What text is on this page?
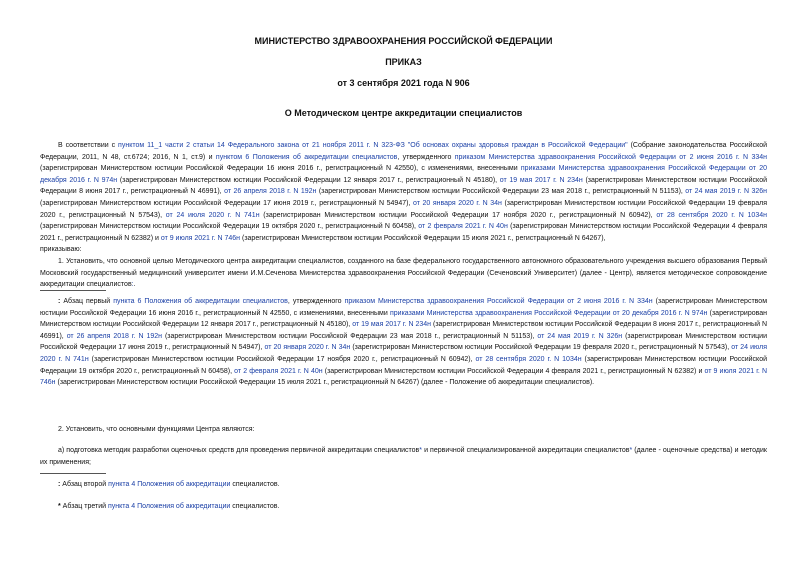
МИНИСТЕРСТВО ЗДРАВООХРАНЕНИЯ РОССИЙСКОЙ ФЕДЕРАЦИИ
ПРИКАЗ
от 3 сентября 2021 года N 906
О Методическом центре аккредитации специалистов
В соответствии с пунктом 11_1 части 2 статьи 14 Федерального закона от 21 ноября 2011 г. N 323-ФЗ "Об основах охраны здоровья граждан в Российской Федерации" (Собрание законодательства Российской Федерации, 2011, N 48, ст.6724; 2016, N 1, ст.9) и пунктом 6 Положения об аккредитации специалистов, утвержденного приказом Министерства здравоохранения Российской Федерации от 2 июня 2016 г. N 334н (зарегистрирован Министерством юстиции Российской Федерации 16 июня 2016 г., регистрационный N 42550), с изменениями, внесенными приказами Министерства здравоохранения Российской Федерации от 20 декабря 2016 г. N 974н (зарегистрирован Министерством юстиции Российской Федерации 12 января 2017 г., регистрационный N 45180), от 19 мая 2017 г. N 234н (зарегистрирован Министерством юстиции Российской Федерации 8 июня 2017 г., регистрационный N 46991), от 26 апреля 2018 г. N 192н (зарегистрирован Министерством юстиции Российской Федерации 23 мая 2018 г., регистрационный N 51153), от 24 мая 2019 г. N 326н (зарегистрирован Министерством юстиции Российской Федерации 17 июня 2019 г., регистрационный N 54947), от 20 января 2020 г. N 34н (зарегистрирован Министерством юстиции Российской Федерации 19 февраля 2020 г., регистрационный N 57543), от 24 июля 2020 г. N 741н (зарегистрирован Министерством юстиции Российской Федерации 17 ноября 2020 г., регистрационный N 60942), от 28 сентября 2020 г. N 1034н (зарегистрирован Министерством юстиции Российской Федерации 19 октября 2020 г., регистрационный N 60458), от 2 февраля 2021 г. N 40н (зарегистрирован Министерством юстиции Российской Федерации 4 февраля 2021 г., регистрационный N 62382) и от 9 июля 2021 г. N 746н (зарегистрирован Министерством юстиции Российской Федерации 15 июля 2021 г., регистрационный N 64267),
приказываю:
1. Установить, что основной целью Методического центра аккредитации специалистов, созданного на базе федерального государственного автономного образовательного учреждения высшего образования Первый Московский государственный медицинский университет имени И.М.Сеченова Министерства здравоохранения Российской Федерации (Сеченовский Университет) (далее - Центр), является методическое сопровождение аккредитации специалистов:.
: Абзац первый пункта 6 Положения об аккредитации специалистов, утвержденного приказом Министерства здравоохранения Российской Федерации от 2 июня 2016 г. N 334н (зарегистрирован Министерством юстиции Российской Федерации 16 июня 2016 г., регистрационный N 42550, с изменениями, внесенными приказами Министерства здравоохранения Российской Федерации от 20 декабря 2016 г. N 974н (зарегистрирован Министерством юстиции Российской Федерации 12 января 2017 г., регистрационный N 45180), от 19 мая 2017 г. N 234н (зарегистрирован Министерством юстиции Российской Федерации 8 июня 2017 г., регистрационный N 46991), от 26 апреля 2018 г. N 192н (зарегистрирован Министерством юстиции Российской Федерации 23 мая 2018 г., регистрационный N 51153), от 24 мая 2019 г. N 326н (зарегистрирован Министерством юстиции Российской Федерации 17 июня 2019 г., регистрационный N 54947), от 20 января 2020 г. N 34н (зарегистрирован Министерством юстиции Российской Федерации 19 февраля 2020 г., регистрационный N 57543), от 24 июля 2020 г. N 741н (зарегистрирован Министерством юстиции Российской Федерации 17 ноября 2020 г., регистрационный N 60942), от 28 сентября 2020 г. N 1034н (зарегистрирован Министерством юстиции Российской Федерации 19 октября 2020 г., регистрационный N 60458), от 2 февраля 2021 г. N 40н (зарегистрирован Министерством юстиции Российской Федерации 4 февраля 2021 г., регистрационный N 62382) и от 9 июля 2021 г. N 746н (зарегистрирован Министерством юстиции Российской Федерации 15 июля 2021 г., регистрационный N 64267) (далее - Положение об аккредитации специалистов).
2. Установить, что основными функциями Центра являются:
а) подготовка методик разработки оценочных средств для проведения первичной аккредитации специалистов* и первичной специализированной аккредитации специалистов* (далее - оценочные средства) и методик их применения;
: Абзац второй пункта 4 Положения об аккредитации специалистов.
* Абзац третий пункта 4 Положения об аккредитации специалистов.
